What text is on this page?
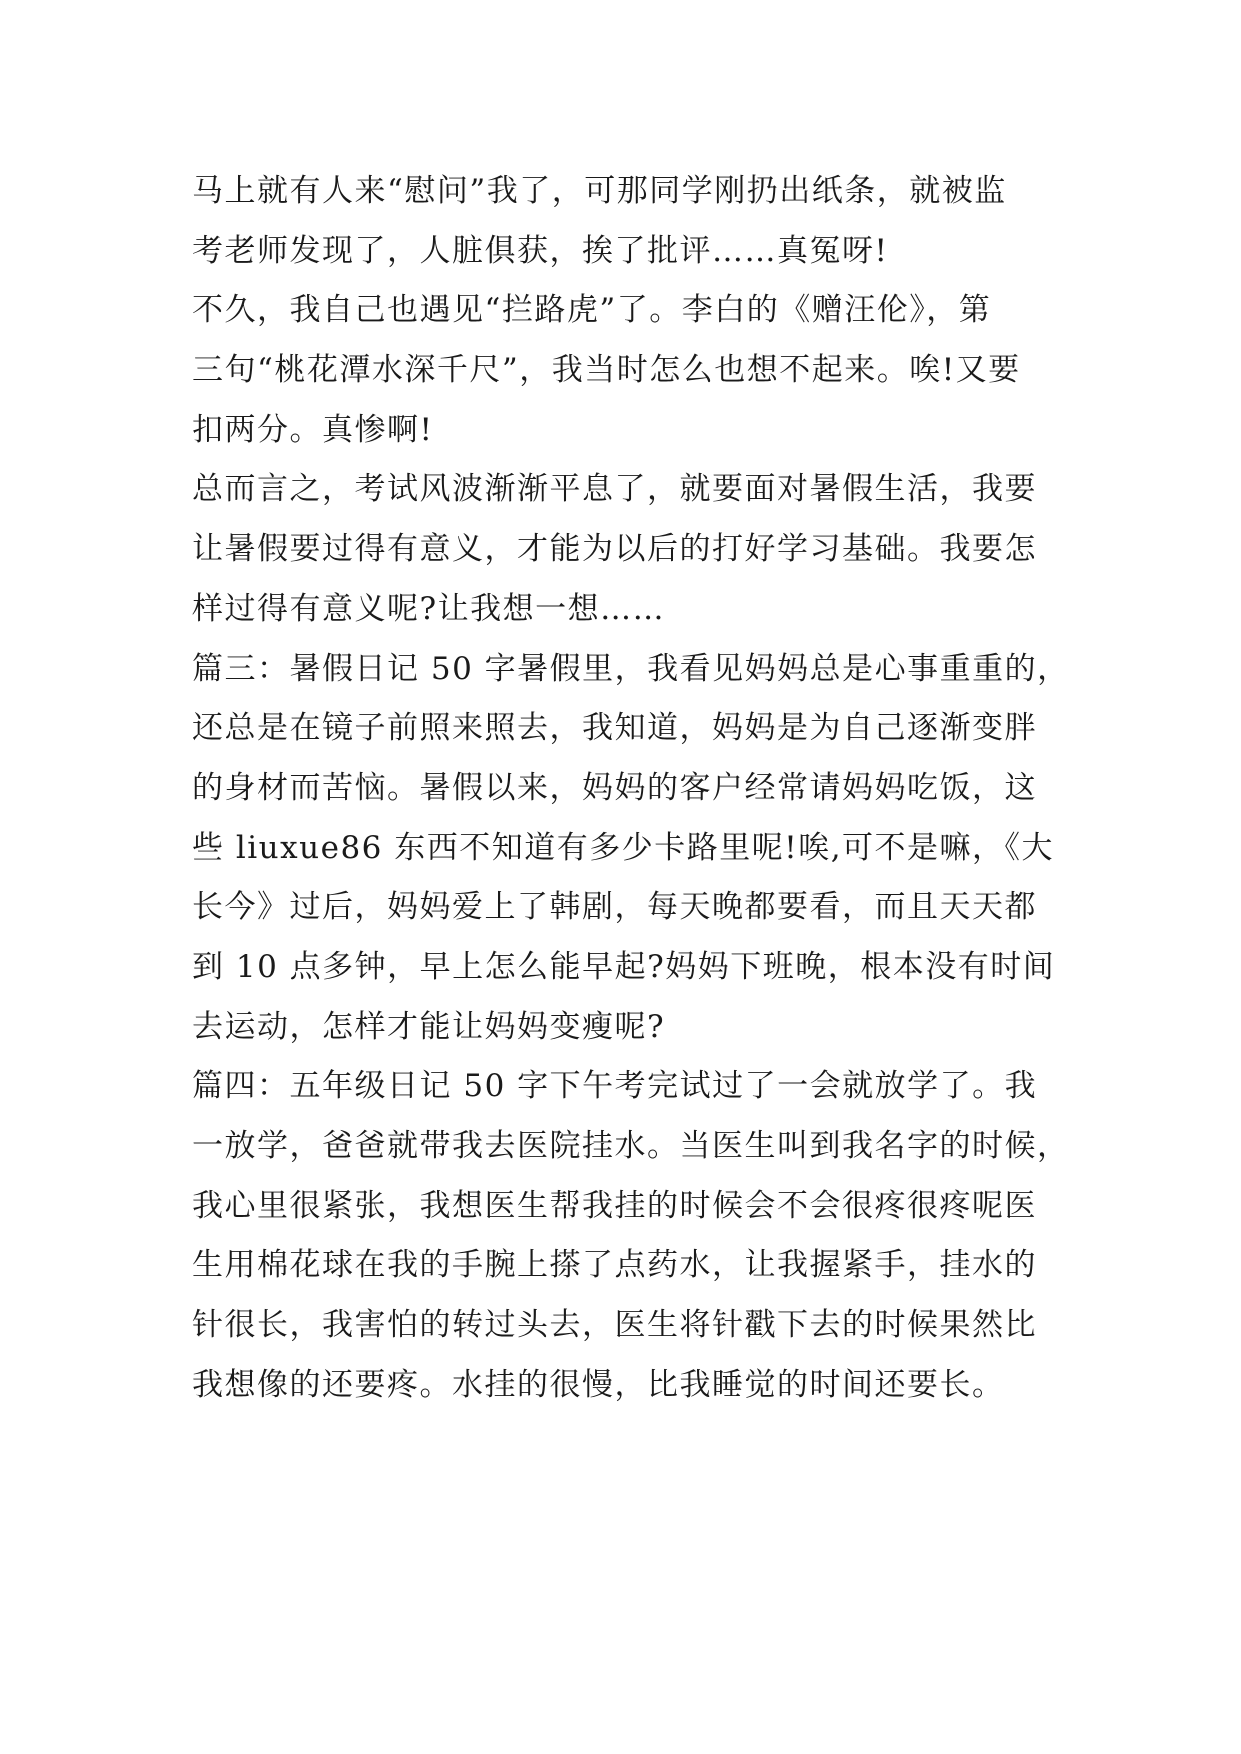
马上就有人来“慰问”我了，可那同学刚扔出纸条，就被监
考老师发现了，人脏俱获，挨了批评……真冤呀!
不久，我自己也遇见“拦路虎”了。李白的《赠汪伦》，第
三句“桃花潭水深千尺”，我当时怎么也想不起来。唉!又要
扣两分。真惨啊!
总而言之，考试风波渐渐平息了，就要面对暑假生活，我要
让暑假要过得有意义，才能为以后的打好学习基础。我要怎
样过得有意义呢?让我想一想……
篇三：暑假日记 50 字暑假里，我看见妈妈总是心事重重的，
还总是在镜子前照来照去，我知道，妈妈是为自己逐渐变胖
的身材而苦恼。暑假以来，妈妈的客户经常请妈妈吃饭，这
些 liuxue86 东西不知道有多少卡路里呢!唉,可不是嘛，《大
长今》过后，妈妈爱上了韩剧，每天晚都要看，而且天天都
到 10 点多钟，早上怎么能早起?妈妈下班晚，根本没有时间
去运动，怎样才能让妈妈变瘦呢?
篇四：五年级日记 50 字下午考完试过了一会就放学了。我
一放学，爸爸就带我去医院挂水。当医生叫到我名字的时候，
我心里很紧张，我想医生帮我挂的时候会不会很疼很疼呢医
生用棉花球在我的手腕上搽了点药水，让我握紧手，挂水的
针很长，我害怕的转过头去，医生将针戳下去的时候果然比
我想像的还要疼。水挂的很慢，比我睡觉的时间还要长。
